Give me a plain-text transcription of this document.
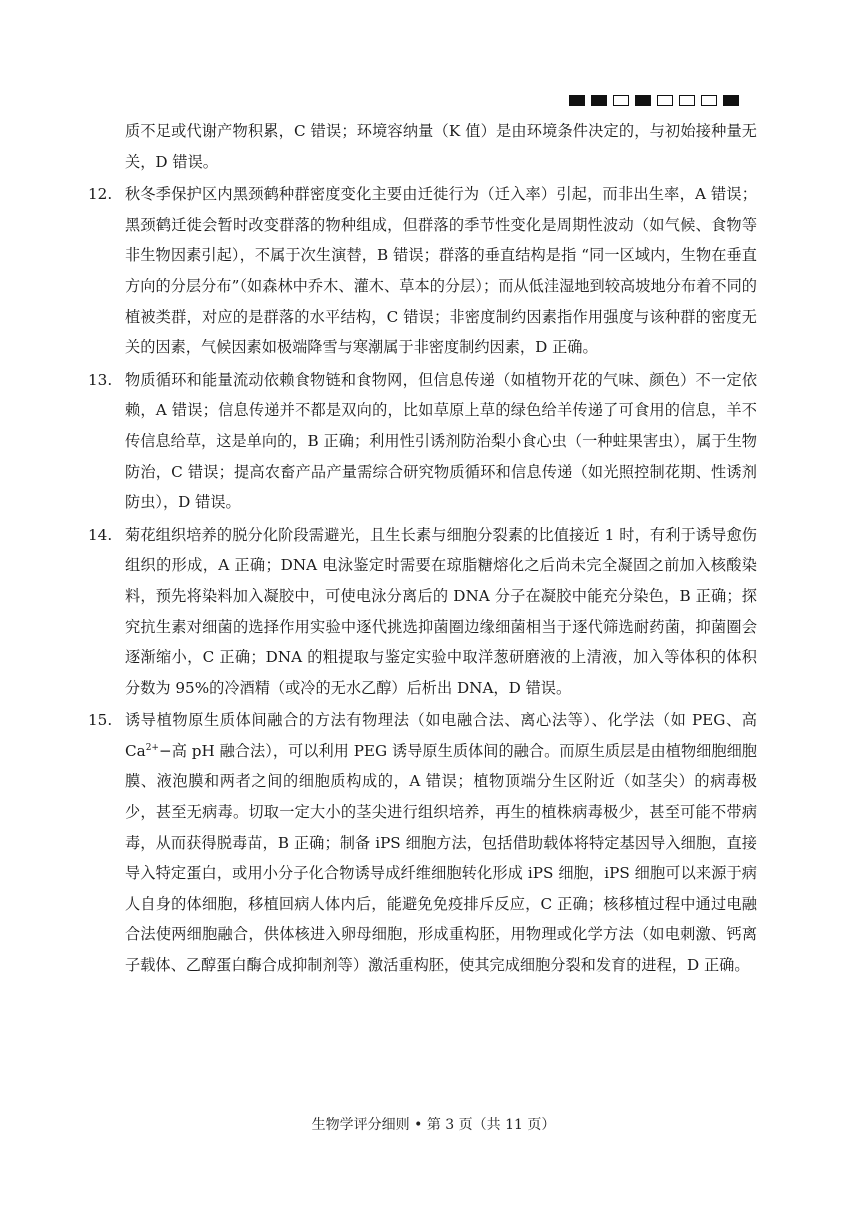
质不足或代谢产物积累，C 错误；环境容纳量（K 值）是由环境条件决定的，与初始接种量无关，D 错误。

12. 秋冬季保护区内黑颈鹤种群密度变化主要由迁徙行为（迁入率）引起，而非出生率，A 错误；黑颈鹤迁徙会暂时改变群落的物种组成，但群落的季节性变化是周期性波动（如气候、食物等非生物因素引起），不属于次生演替，B 错误；群落的垂直结构是指 “同一区域内，生物在垂直方向的分层分布”（如森林中乔木、灌木、草本的分层）；而从低洼湿地到较高坡地分布着不同的植被类群，对应的是群落的水平结构，C 错误；非密度制约因素指作用强度与该种群的密度无关的因素，气候因素如极端降雪与寒潮属于非密度制约因素，D 正确。

13. 物质循环和能量流动依赖食物链和食物网，但信息传递（如植物开花的气味、颜色）不一定依赖，A 错误；信息传递并不都是双向的，比如草原上草的绿色给羊传递了可食用的信息，羊不传信息给草，这是单向的，B 正确；利用性引诱剂防治梨小食心虫（一种蛀果害虫），属于生物防治，C 错误；提高农畜产品产量需综合研究物质循环和信息传递（如光照控制花期、性诱剂防虫），D 错误。

14. 菊花组织培养的脱分化阶段需避光，且生长素与细胞分裂素的比值接近 1 时，有利于诱导愈伤组织的形成，A 正确；DNA 电泳鉴定时需要在琼脂糖熔化之后尚未完全凝固之前加入核酸染料，预先将染料加入凝胶中，可使电泳分离后的 DNA 分子在凝胶中能充分染色，B 正确；探究抗生素对细菌的选择作用实验中逐代挑选抑菌圈边缘细菌相当于逐代筛选耐药菌，抑菌圈会逐渐缩小，C 正确；DNA 的粗提取与鉴定实验中取洋葱研磨液的上清液，加入等体积的体积分数为 95%的冷酒精（或冷的无水乙醇）后析出 DNA，D 错误。

15. 诱导植物原生质体间融合的方法有物理法（如电融合法、离心法等）、化学法（如 PEG、高 $Ca^{2+}-$高 pH 融合法），可以利用 PEG 诱导原生质体间的融合。而原生质层是由植物细胞细胞膜、液泡膜和两者之间的细胞质构成的，A 错误；植物顶端分生区附近（如茎尖）的病毒极少，甚至无病毒。切取一定大小的茎尖进行组织培养，再生的植株病毒极少，甚至可能不带病毒，从而获得脱毒苗，B 正确；制备 iPS 细胞方法，包括借助载体将特定基因导入细胞，直接导入特定蛋白，或用小分子化合物诱导成纤维细胞转化形成 iPS 细胞，iPS 细胞可以来源于病人自身的体细胞，移植回病人体内后，能避免免疫排斥反应，C 正确；核移植过程中通过电融合法使两细胞融合，供体核进入卵母细胞，形成重构胚，用物理或化学方法（如电刺激、钙离子载体、乙醇蛋白酶合成抑制剂等）激活重构胚，使其完成细胞分裂和发育的进程，D 正确。

生物学评分细则 • 第 3 页（共 11 页）
